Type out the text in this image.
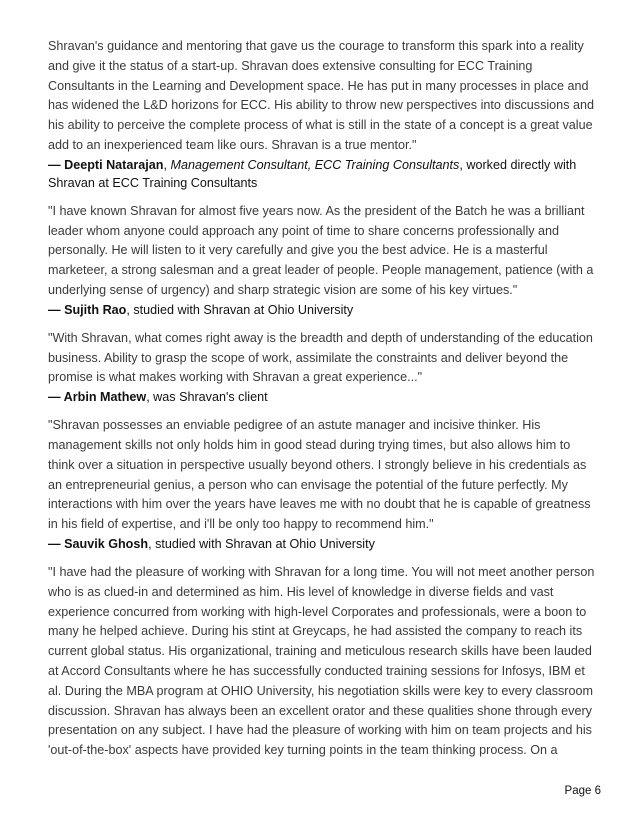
Shravan's guidance and mentoring that gave us the courage to transform this spark into a reality and give it the status of a start-up. Shravan does extensive consulting for ECC Training Consultants in the Learning and Development space. He has put in many processes in place and has widened the L&D horizons for ECC. His ability to throw new perspectives into discussions and his ability to perceive the complete process of what is still in the state of a concept is a great value add to an inexperienced team like ours. Shravan is a true mentor."

— Deepti Natarajan, Management Consultant, ECC Training Consultants, worked directly with Shravan at ECC Training Consultants

"I have known Shravan for almost five years now. As the president of the Batch he was a brilliant leader whom anyone could approach any point of time to share concerns professionally and personally. He will listen to it very carefully and give you the best advice. He is a masterful marketeer, a strong salesman and a great leader of people. People management, patience (with a underlying sense of urgency) and sharp strategic vision are some of his key virtues."

— Sujith Rao, studied with Shravan at Ohio University

"With Shravan, what comes right away is the breadth and depth of understanding of the education business. Ability to grasp the scope of work, assimilate the constraints and deliver beyond the promise is what makes working with Shravan a great experience..."

— Arbin Mathew, was Shravan's client

"Shravan possesses an enviable pedigree of an astute manager and incisive thinker. His management skills not only holds him in good stead during trying times, but also allows him to think over a situation in perspective usually beyond others. I strongly believe in his credentials as an entrepreneurial genius, a person who can envisage the potential of the future perfectly. My interactions with him over the years have leaves me with no doubt that he is capable of greatness in his field of expertise, and i'll be only too happy to recommend him."

— Sauvik Ghosh, studied with Shravan at Ohio University

"I have had the pleasure of working with Shravan for a long time. You will not meet another person who is as clued-in and determined as him. His level of knowledge in diverse fields and vast experience concurred from working with high-level Corporates and professionals, were a boon to many he helped achieve. During his stint at Greycaps, he had assisted the company to reach its current global status. His organizational, training and meticulous research skills have been lauded at Accord Consultants where he has successfully conducted training sessions for Infosys, IBM et al. During the MBA program at OHIO University, his negotiation skills were key to every classroom discussion. Shravan has always been an excellent orator and these qualities shone through every presentation on any subject. I have had the pleasure of working with him on team projects and his 'out-of-the-box' aspects have provided key turning points in the team thinking process. On a

Page 6
